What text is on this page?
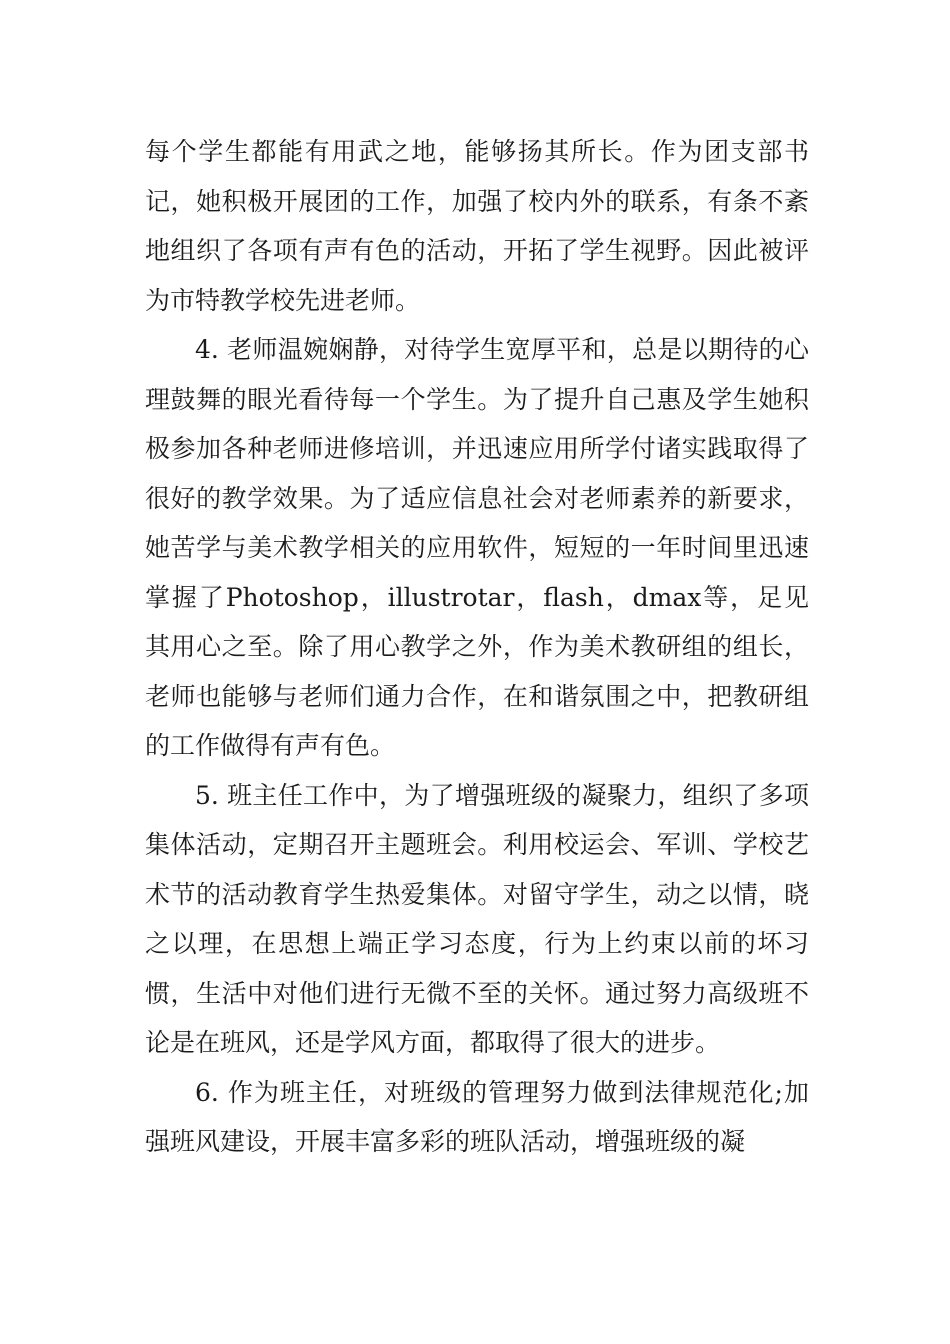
每个学生都能有用武之地，能够扬其所长。作为团支部书记，她积极开展团的工作，加强了校内外的联系，有条不紊地组织了各项有声有色的活动，开拓了学生视野。因此被评为市特教学校先进老师。

4. 老师温婉娴静，对待学生宽厚平和，总是以期待的心理鼓舞的眼光看待每一个学生。为了提升自己惠及学生她积极参加各种老师进修培训，并迅速应用所学付诸实践取得了很好的教学效果。为了适应信息社会对老师素养的新要求，她苦学与美术教学相关的应用软件，短短的一年时间里迅速掌握了Photoshop，illustrotar，flash，dmax等，足见其用心之至。除了用心教学之外，作为美术教研组的组长，老师也能够与老师们通力合作，在和谐氛围之中，把教研组的工作做得有声有色。

5. 班主任工作中，为了增强班级的凝聚力，组织了多项集体活动，定期召开主题班会。利用校运会、军训、学校艺术节的活动教育学生热爱集体。对留守学生，动之以情，晓之以理，在思想上端正学习态度，行为上约束以前的坏习惯，生活中对他们进行无微不至的关怀。通过努力高级班不论是在班风，还是学风方面，都取得了很大的进步。

6. 作为班主任，对班级的管理努力做到法律规范化;加强班风建设，开展丰富多彩的班队活动，增强班级的凝
